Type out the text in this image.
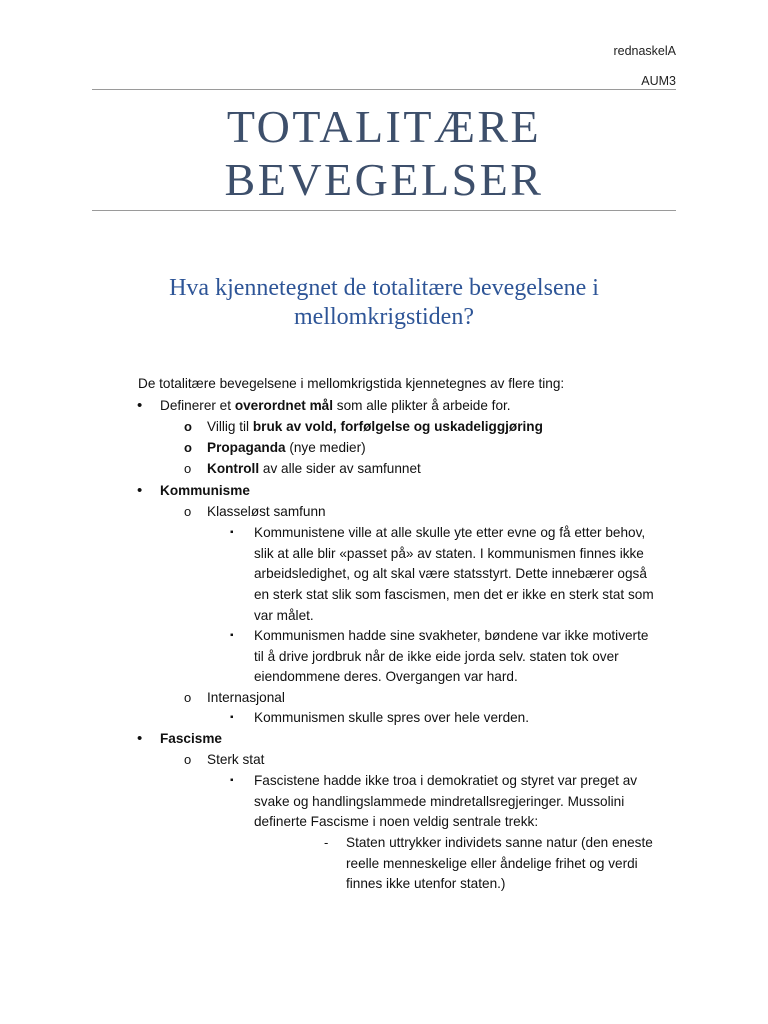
rednaskelA
AUM3
TOTALITÆRE
BEVEGELSER
Hva kjennetegnet de totalitære bevegelsene i
mellomkrigstiden?
De totalitære bevegelsene i mellomkrigstida kjennetegnes av flere ting:
• Definerer et overordnet mål som alle plikter å arbeide for.
o Villig til bruk av vold, forfølgelse og uskadeliggjøring
o Propaganda (nye medier)
o Kontroll av alle sider av samfunnet
• Kommunisme
o Klasseløst samfunn
▪ Kommunistene ville at alle skulle yte etter evne og få etter behov,
slik at alle blir «passet på» av staten. I kommunismen finnes ikke
arbeidsledighet, og alt skal være statsstyrt. Dette innebærer også
en sterk stat slik som fascismen, men det er ikke en sterk stat som
var målet.
▪ Kommunismen hadde sine svakheter, bøndene var ikke motiverte
til å drive jordbruk når de ikke eide jorda selv. staten tok over
eiendommene deres. Overgangen var hard.
o Internasjonal
▪ Kommunismen skulle spres over hele verden.
• Fascisme
o Sterk stat
▪ Fascistene hadde ikke troa i demokratiet og styret var preget av
svake og handlingslammede mindretallsregjeringer. Mussolini
definerte Fascisme i noen veldig sentrale trekk:
- Staten uttrykker individets sanne natur (den eneste
reelle menneskelige eller åndelige frihet og verdi
finnes ikke utenfor staten.)
